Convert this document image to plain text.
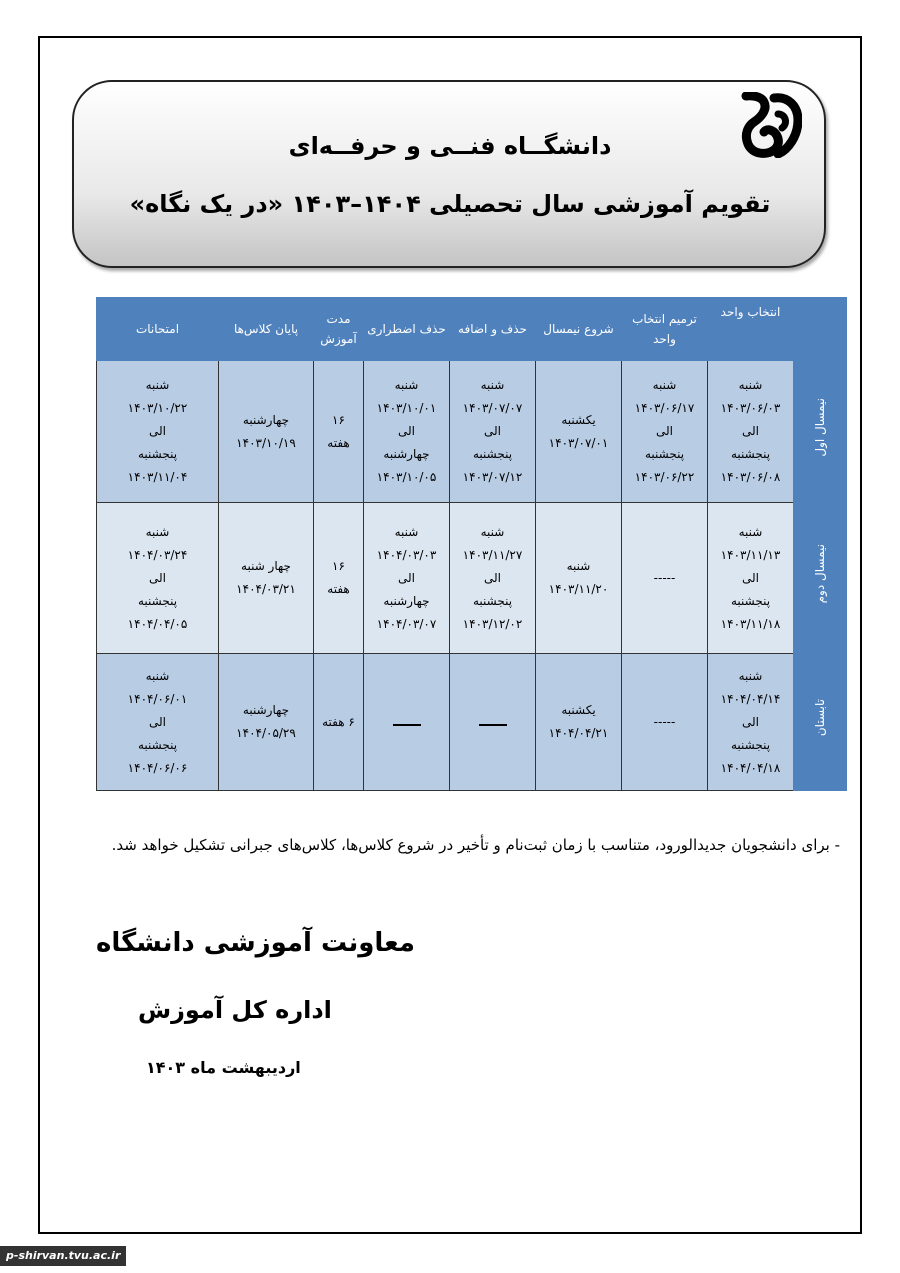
دانشگــاه فنــی و حرفــه‌ای
تقویم آموزشی سال تحصیلی ۱۴۰۴–۱۴۰۳ «در یک نگاه»
	انتخاب واحد	ترمیم انتخاب واحد	شروع نیمسال	حذف و اضافه	حذف اضطراری	مدت آموزش	پایان کلاس‌ها	امتحانات
نیمسال اول	شنبه
۱۴۰۳/۰۶/۰۳
الی
پنجشنبه
۱۴۰۳/۰۶/۰۸	شنبه
۱۴۰۳/۰۶/۱۷
الی
پنجشنبه
۱۴۰۳/۰۶/۲۲	یکشنبه
۱۴۰۳/۰۷/۰۱	شنبه
۱۴۰۳/۰۷/۰۷
الی
پنجشنبه
۱۴۰۳/۰۷/۱۲	شنبه
۱۴۰۳/۱۰/۰۱
الی
چهارشنبه
۱۴۰۳/۱۰/۰۵	۱۶
هفته	چهارشنبه
۱۴۰۳/۱۰/۱۹	شنبه
۱۴۰۳/۱۰/۲۲
الی
پنجشنبه
۱۴۰۳/۱۱/۰۴
نیمسال دوم	شنبه
۱۴۰۳/۱۱/۱۳
الی
پنجشنبه
۱۴۰۳/۱۱/۱۸	-----	شنبه
۱۴۰۳/۱۱/۲۰	شنبه
۱۴۰۳/۱۱/۲۷
الی
پنجشنبه
۱۴۰۳/۱۲/۰۲	شنبه
۱۴۰۴/۰۳/۰۳
الی
چهارشنبه
۱۴۰۴/۰۳/۰۷	۱۶
هفته	چهار شنبه
۱۴۰۴/۰۳/۲۱	شنبه
۱۴۰۴/۰۳/۲۴
الی
پنجشنبه
۱۴۰۴/۰۴/۰۵
تابستان	شنبه
۱۴۰۴/۰۴/۱۴
الی
پنجشنبه
۱۴۰۴/۰۴/۱۸	-----	یکشنبه
۱۴۰۴/۰۴/۲۱			۶ هفته	چهارشنبه
۱۴۰۴/۰۵/۲۹	شنبه
۱۴۰۴/۰۶/۰۱
الی
پنجشنبه
۱۴۰۴/۰۶/۰۶
- برای دانشجویان جدیدالورود، متناسب با زمان ثبت‌نام و تأخیر در شروع کلاس‌ها، کلاس‌های جبرانی تشکیل خواهد شد.
معاونت آموزشی دانشگاه
اداره کل آموزش
اردیبهشت ماه ۱۴۰۳
p-shirvan.tvu.ac.ir
